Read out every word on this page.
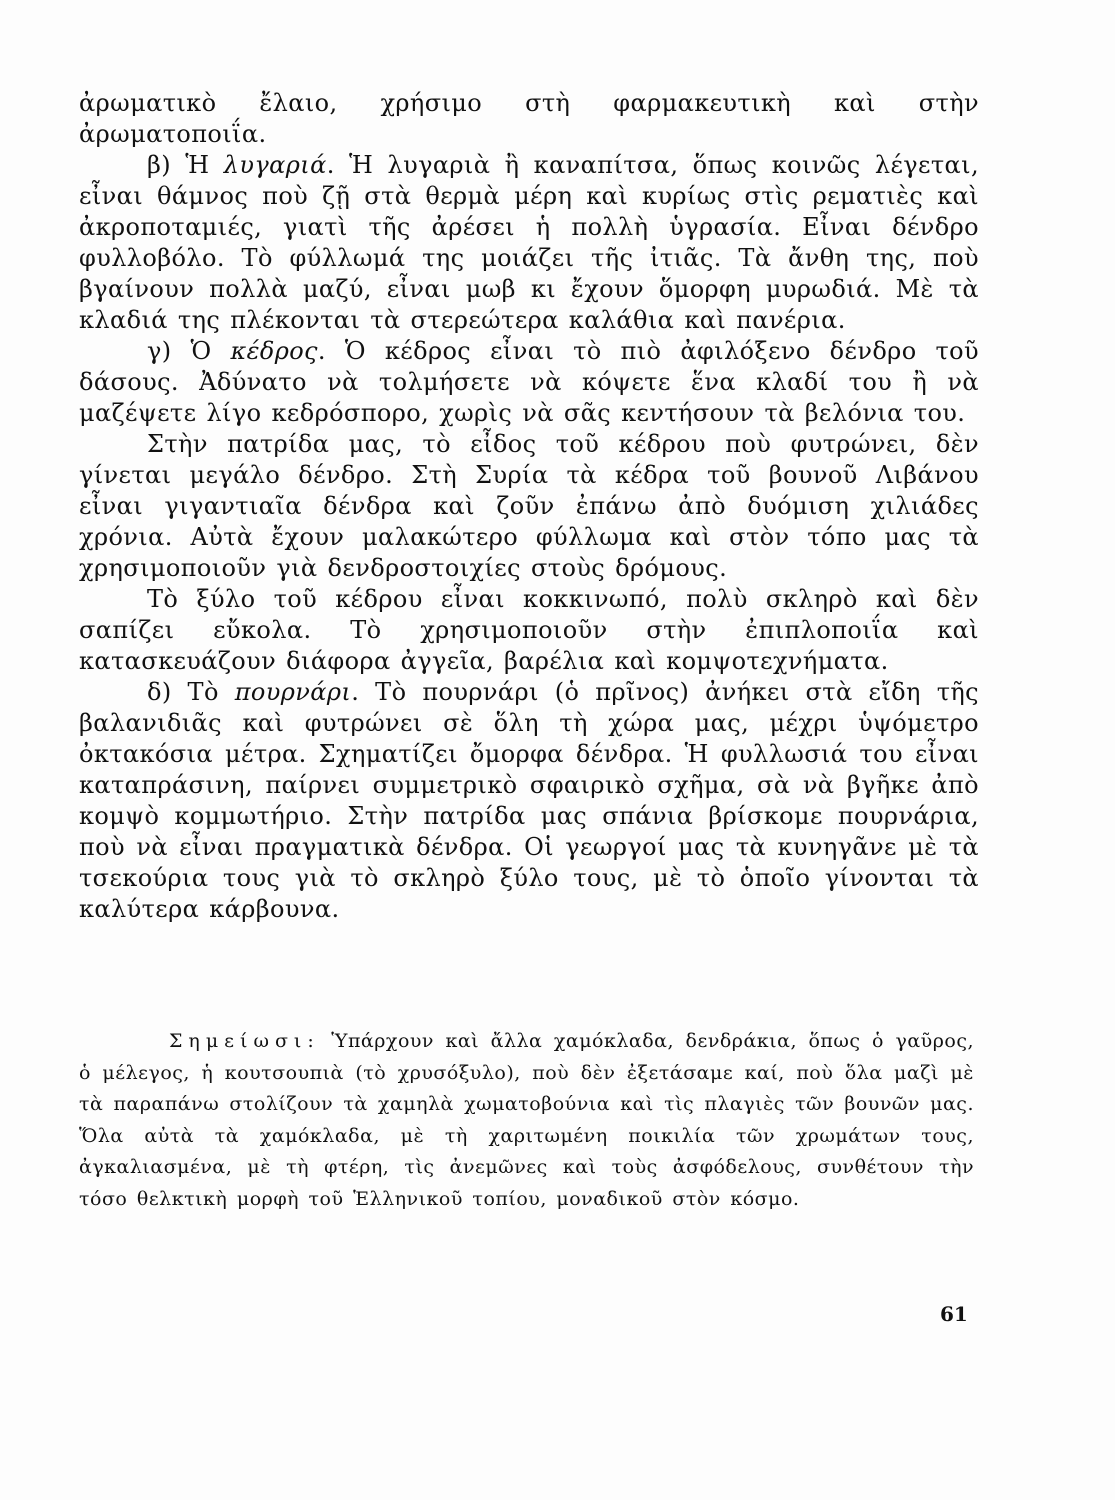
ἀρωματικὸ ἔλαιο, χρήσιμο στὴ φαρμακευτικὴ καὶ στὴν ἀρωματοποιΐα.

β) Ἡ λυγαριά. Ἡ λυγαριὰ ἢ καναπίτσα, ὅπως κοινῶς λέγεται, εἶναι θάμνος ποὺ ζῇ στὰ θερμὰ μέρη καὶ κυρίως στὶς ρεματιὲς καὶ ἀκροποταμιές, γιατὶ τῆς ἀρέσει ἡ πολλὴ ὑγρασία. Εἶναι δένδρο φυλλοβόλο. Τὸ φύλλωμά της μοιάζει τῆς ἰτιᾶς. Τὰ ἄνθη της, ποὺ βγαίνουν πολλὰ μαζύ, εἶναι μωβ κι ἔχουν ὅμορφη μυρωδιά. Μὲ τὰ κλαδιά της πλέκονται τὰ στερεώτερα καλάθια καὶ πανέρια.

γ) Ὁ κέδρος. Ὁ κέδρος εἶναι τὸ πιὸ ἀφιλόξενο δένδρο τοῦ δάσους. Ἀδύνατο νὰ τολμήσετε νὰ κόψετε ἕνα κλαδί του ἢ νὰ μαζέψετε λίγο κεδρόσπορο, χωρὶς νὰ σᾶς κεντήσουν τὰ βελόνια του.

Στὴν πατρίδα μας, τὸ εἶδος τοῦ κέδρου ποὺ φυτρώνει, δὲν γίνεται μεγάλο δένδρο. Στὴ Συρία τὰ κέδρα τοῦ βουνοῦ Λιβάνου εἶναι γιγαντιαῖα δένδρα καὶ ζοῦν ἐπάνω ἀπὸ δυόμιση χιλιάδες χρόνια. Αὐτὰ ἔχουν μαλακώτερο φύλλωμα καὶ στὸν τόπο μας τὰ χρησιμοποιοῦν γιὰ δενδροστοιχίες στοὺς δρόμους.

Τὸ ξύλο τοῦ κέδρου εἶναι κοκκινωπό, πολὺ σκληρὸ καὶ δὲν σαπίζει εὔκολα. Τὸ χρησιμοποιοῦν στὴν ἐπιπλοποιΐα καὶ κατασκευάζουν διάφορα ἀγγεῖα, βαρέλια καὶ κομψοτεχνήματα.

δ) Τὸ πουρνάρι. Τὸ πουρνάρι (ὁ πρῖνος) ἀνήκει στὰ εἴδη τῆς βαλανιδιᾶς καὶ φυτρώνει σὲ ὅλη τὴ χώρα μας, μέχρι ὑψόμετρο ὀκτακόσια μέτρα. Σχηματίζει ὄμορφα δένδρα. Ἡ φυλλωσιά του εἶναι καταπράσινη, παίρνει συμμετρικὸ σφαιρικὸ σχῆμα, σὰ νὰ βγῆκε ἀπὸ κομψὸ κομμωτήριο. Στὴν πατρίδα μας σπάνια βρίσκομε πουρνάρια, ποὺ νὰ εἶναι πραγματικὰ δένδρα. Οἱ γεωργοί μας τὰ κυνηγᾶνε μὲ τὰ τσεκούρια τους γιὰ τὸ σκληρὸ ξύλο τους, μὲ τὸ ὁποῖο γίνονται τὰ καλύτερα κάρβουνα.

Σημείωσι: Ὑπάρχουν καὶ ἄλλα χαμόκλαδα, δενδράκια, ὅπως ὁ γαῦρος, ὁ μέλεγος, ἡ κουτσουπιὰ (τὸ χρυσόξυλο), ποὺ δὲν ἐξετάσαμε καί, ποὺ ὅλα μαζὶ μὲ τὰ παραπάνω στολίζουν τὰ χαμηλὰ χωματοβούνια καὶ τὶς πλαγιὲς τῶν βουνῶν μας. Ὅλα αὐτὰ τὰ χαμόκλαδα, μὲ τὴ χαριτωμένη ποικιλία τῶν χρωμάτων τους, ἀγκαλιασμένα, μὲ τὴ φτέρη, τὶς ἀνεμῶνες καὶ τοὺς ἀσφόδελους, συνθέτουν τὴν τόσο θελκτικὴ μορφὴ τοῦ Ἑλληνικοῦ τοπίου, μοναδικοῦ στὸν κόσμο.

61
